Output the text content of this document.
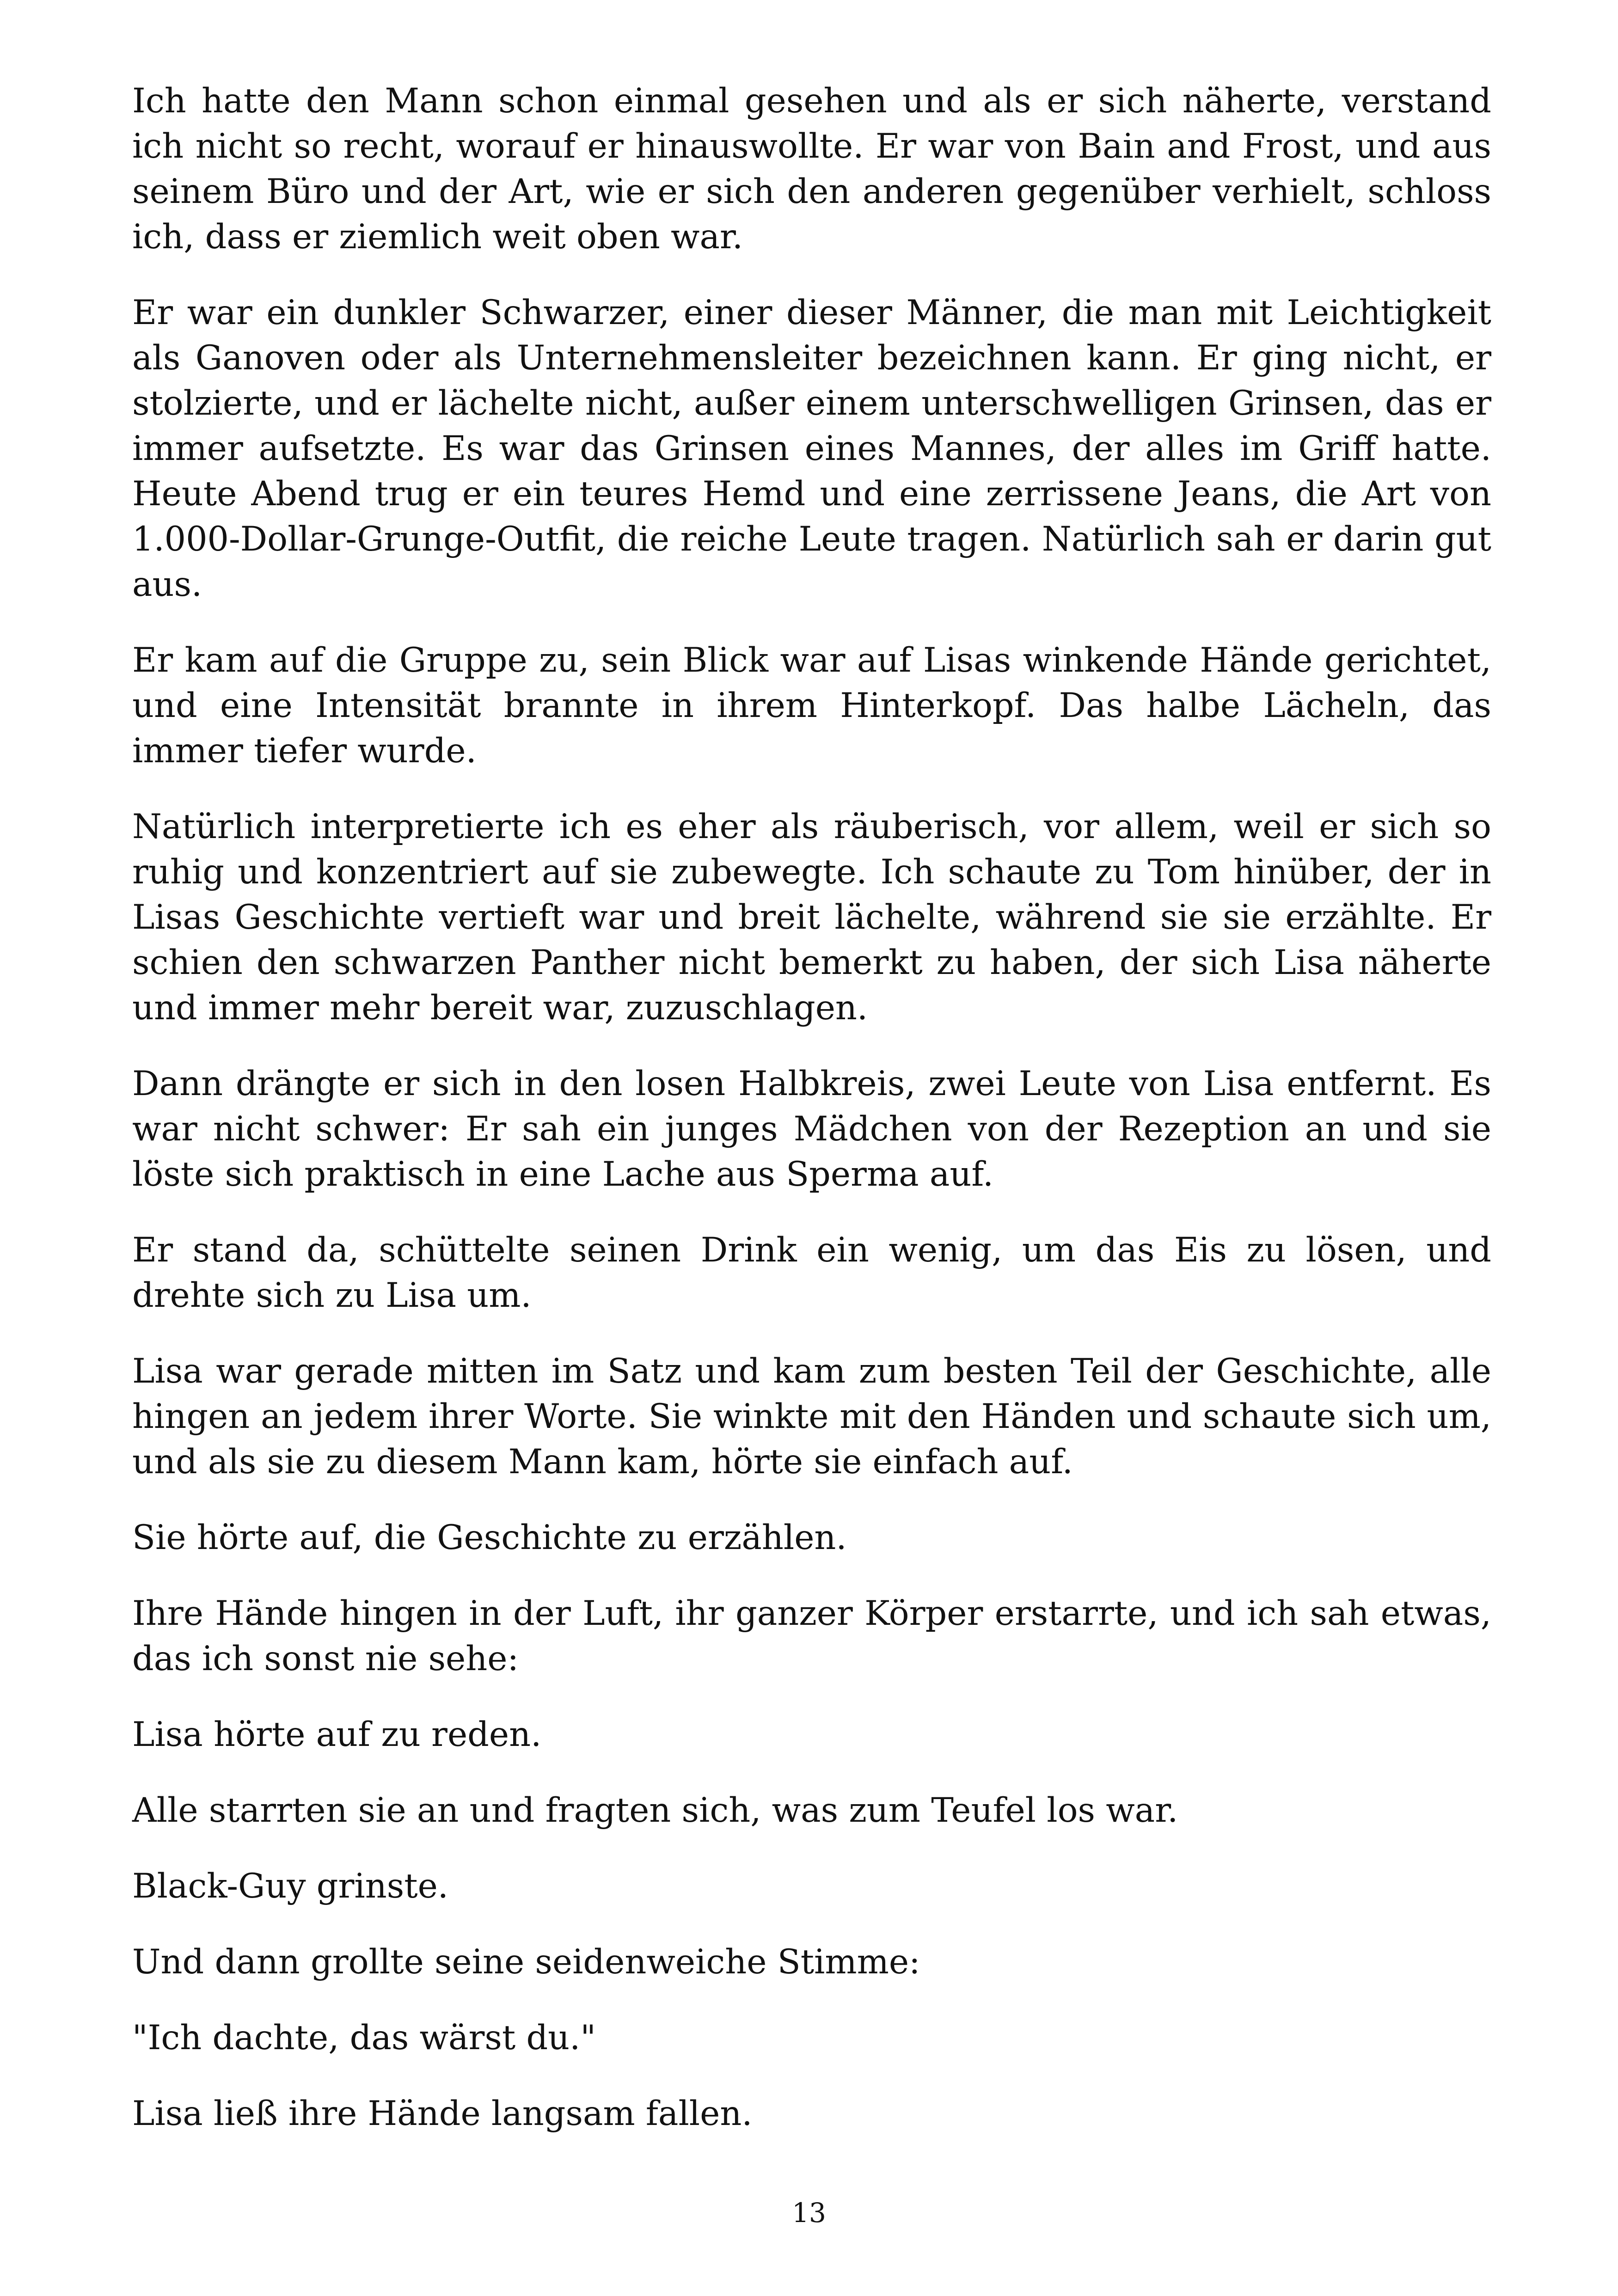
Ich hatte den Mann schon einmal gesehen und als er sich näherte, verstand ich nicht so recht, worauf er hinauswollte. Er war von Bain and Frost, und aus seinem Büro und der Art, wie er sich den anderen gegenüber verhielt, schloss ich, dass er ziemlich weit oben war.

Er war ein dunkler Schwarzer, einer dieser Männer, die man mit Leichtigkeit als Ganoven oder als Unternehmensleiter bezeichnen kann. Er ging nicht, er stolzierte, und er lächelte nicht, außer einem unterschwelligen Grinsen, das er immer aufsetzte. Es war das Grinsen eines Mannes, der alles im Griff hatte. Heute Abend trug er ein teures Hemd und eine zerrissene Jeans, die Art von 1.000-Dollar-Grunge-Outfit, die reiche Leute tragen. Natürlich sah er darin gut aus.

Er kam auf die Gruppe zu, sein Blick war auf Lisas winkende Hände gerichtet, und eine Intensität brannte in ihrem Hinterkopf. Das halbe Lächeln, das immer tiefer wurde.

Natürlich interpretierte ich es eher als räuberisch, vor allem, weil er sich so ruhig und konzentriert auf sie zubewegte. Ich schaute zu Tom hinüber, der in Lisas Geschichte vertieft war und breit lächelte, während sie sie erzählte. Er schien den schwarzen Panther nicht bemerkt zu haben, der sich Lisa näherte und immer mehr bereit war, zuzuschlagen.

Dann drängte er sich in den losen Halbkreis, zwei Leute von Lisa entfernt. Es war nicht schwer: Er sah ein junges Mädchen von der Rezeption an und sie löste sich praktisch in eine Lache aus Sperma auf.

Er stand da, schüttelte seinen Drink ein wenig, um das Eis zu lösen, und drehte sich zu Lisa um.

Lisa war gerade mitten im Satz und kam zum besten Teil der Geschichte, alle hingen an jedem ihrer Worte. Sie winkte mit den Händen und schaute sich um, und als sie zu diesem Mann kam, hörte sie einfach auf.

Sie hörte auf, die Geschichte zu erzählen.

Ihre Hände hingen in der Luft, ihr ganzer Körper erstarrte, und ich sah etwas, das ich sonst nie sehe:

Lisa hörte auf zu reden.

Alle starrten sie an und fragten sich, was zum Teufel los war.

Black-Guy grinste.

Und dann grollte seine seidenweiche Stimme:

"Ich dachte, das wärst du."

Lisa ließ ihre Hände langsam fallen.

13
